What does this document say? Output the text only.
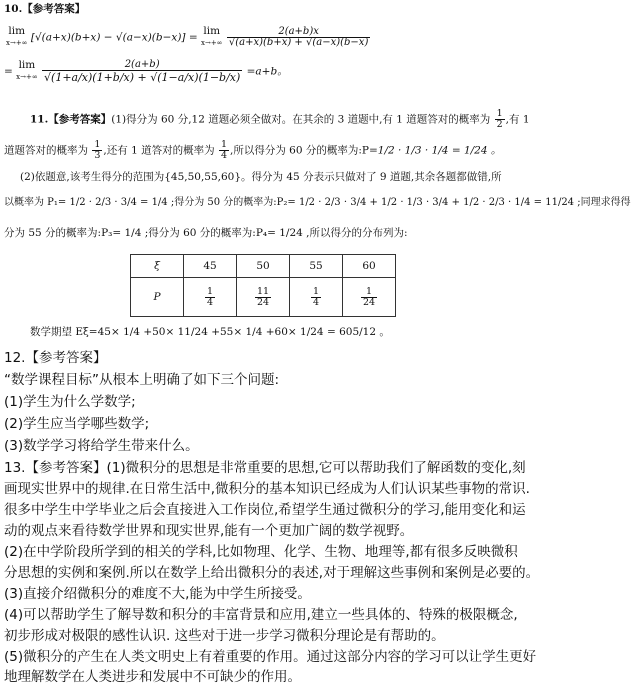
10.【参考答案】
lim
x→+∞ [√(a+x)(b+x) − √(a−x)(b−x)] = lim
$x\to+\infty \frac{2(a+b)x}{√(a+x)(b+x) + √(a-x)(b-x)}$
= lim
$x\to+\infty \frac{2(a+b)}{√(1+a/x)(1+b/x) + √(1-a/x)(1-b/x)} =a+b$。
11.【参考答案】(1)得分为 60 分,12 道题必须全做对。在其余的 3 道题中,有 1 道题答对的概率为 $\frac{1}{2}$ ,有 1
道题答对的概率为 $\frac{1}{3}$ ,还有 1 道答对的概率为 $\frac{1}{4}$ ,所以得分为 60 分的概率为:P=1/2 · 1/3 · 1/4 = 1/24 。
(2)依题意,该考生得分的范围为{45,50,55,60}。得分为 45 分表示只做对了 9 道题,其余各题都做错,所
以概率为 P₁= 1/2 · 2/3 · 3/4 = 1/4 ;得分为 50 分的概率为:P₂= 1/2 · 2/3 · 3/4 + 1/2 · 1/3 · 3/4 + 1/2 · 2/3 · 1/4 = 11/24 ;同理求得得
分为 55 分的概率为:P₃= 1/4 ;得分为 60 分的概率为:P₄= 1/24 ,所以得分的分布列为:
ξ	45	50	55	60
P	$\frac{1}{4}$	$\frac{11}{24}$	$\frac{1}{4}$	$\frac{1}{24}$
数学期望 Eξ=45× 1/4 +50× 11/24 +55× 1/4 +60× 1/24 = 605/12 。
12.【参考答案】
“数学课程目标”从根本上明确了如下三个问题:
(1)学生为什么学数学;
(2)学生应当学哪些数学;
(3)数学学习将给学生带来什么。
13.【参考答案】(1)微积分的思想是非常重要的思想,它可以帮助我们了解函数的变化,刻
画现实世界中的规律.在日常生活中,微积分的基本知识已经成为人们认识某些事物的常识.
很多中学生中学毕业之后会直接进入工作岗位,希望学生通过微积分的学习,能用变化和运
动的观点来看待数学世界和现实世界,能有一个更加广阔的数学视野。
(2)在中学阶段所学到的相关的学科,比如物理、化学、生物、地理等,都有很多反映微积
分思想的实例和案例.所以在数学上给出微积分的表述,对于理解这些事例和案例是必要的。
(3)直接介绍微积分的难度不大,能为中学生所接受。
(4)可以帮助学生了解导数和积分的丰富背景和应用,建立一些具体的、特殊的极限概念,
初步形成对极限的感性认识. 这些对于进一步学习微积分理论是有帮助的。
(5)微积分的产生在人类文明史上有着重要的作用。通过这部分内容的学习可以让学生更好
地理解数学在人类进步和发展中不可缺少的作用。
